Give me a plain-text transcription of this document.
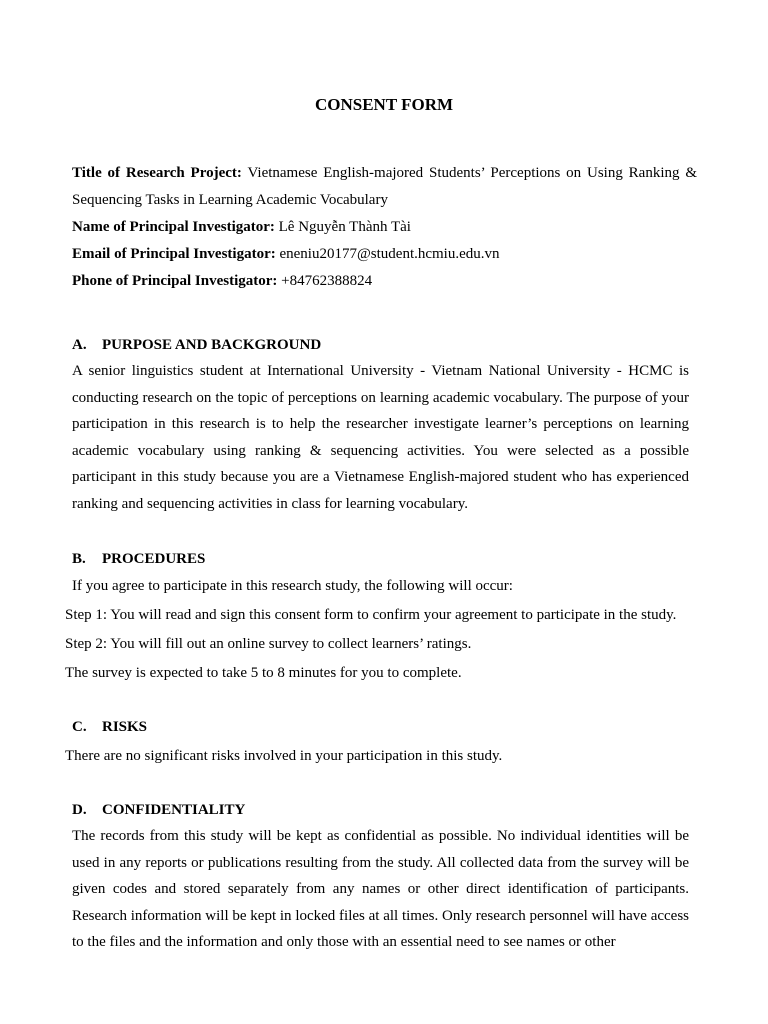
CONSENT FORM

Title of Research Project: Vietnamese English-majored Students’ Perceptions on Using Ranking & Sequencing Tasks in Learning Academic Vocabulary

Name of Principal Investigator: Lê Nguyễn Thành Tài

Email of Principal Investigator: eneniu20177@student.hcmiu.edu.vn

Phone of Principal Investigator: +84762388824

A. PURPOSE AND BACKGROUND

A senior linguistics student at International University - Vietnam National University - HCMC is conducting research on the topic of perceptions on learning academic vocabulary. The purpose of your participation in this research is to help the researcher investigate learner’s perceptions on learning academic vocabulary using ranking & sequencing activities. You were selected as a possible participant in this study because you are a Vietnamese English-majored student who has experienced ranking and sequencing activities in class for learning vocabulary.

B. PROCEDURES

If you agree to participate in this research study, the following will occur:

Step 1: You will read and sign this consent form to confirm your agreement to participate in the study.

Step 2: You will fill out an online survey to collect learners’ ratings.

The survey is expected to take 5 to 8 minutes for you to complete.

C. RISKS

There are no significant risks involved in your participation in this study.

D. CONFIDENTIALITY

The records from this study will be kept as confidential as possible. No individual identities will be used in any reports or publications resulting from the study. All collected data from the survey will be given codes and stored separately from any names or other direct identification of participants. Research information will be kept in locked files at all times. Only research personnel will have access to the files and the information and only those with an essential need to see names or other
